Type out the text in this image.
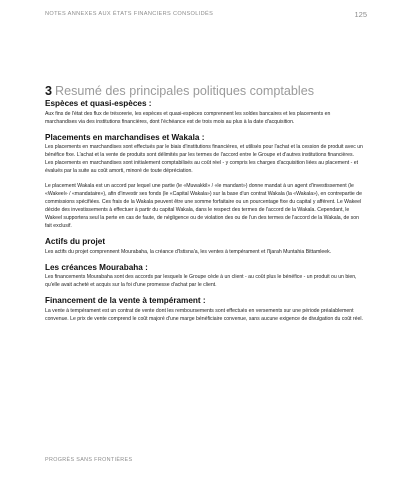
NOTES ANNEXES AUX ÉTATS FINANCIERS CONSOLIDÉS	125
3 Resumé des principales politiques comptables
Espèces et quasi-espèces :

Aux fins de l'état des flux de trésorerie, les espèces et quasi-espèces comprennent les soldes bancaires et les placements en marchandises via des institutions financières, dont l'échéance est de trois mois au plus à la date d'acquisition.

Placements en marchandises et Wakala :

Les placements en marchandises sont effectués par le biais d'institutions financières, et utilisés pour l'achat et la cession de produit avec un bénéfice fixe. L'achat et la vente de produits sont délimités par les termes de l'accord entre le Groupe et d'autres institutions financières. Les placements en marchandises sont initialement comptabilisés au coût réel - y compris les charges d'acquisition liées au placement - et évalués par la suite au coût amorti, minoré de toute dépréciation.

Le placement Wakala est un accord par lequel une partie (le «Muwakkil» / «le mandant») donne mandat à un agent d'investissement (le «Wakeel» / «mandataire»), afin d'investir ses fonds (le «Capital Wakala») sur la base d'un contrat Wakala (la «Wakala»), en contrepartie de commissions spécifiées. Ces frais de la Wakala peuvent être une somme forfaitaire ou un pourcentage fixe du capital y afférent. Le Wakeel décide des investissements à effectuer à partir du capital Wakala, dans le respect des termes de l'accord de la Wakala. Cependant, le Wakeel supportera seul la perte en cas de faute, de négligence ou de violation des ou de l'un des termes de l'accord de la Wakala, de son fait exclusif.

Actifs du projet

Les actifs du projet comprennent Mourabaha, la créance d'Istisna'a, les ventes à tempérament et l'Ijarah Muntahia Bittamleek.

Les créances Mourabaha :

Les financements Mourabaha sont des accords par lesquels le Groupe cède à un client - au coût plus le bénéfice - un produit ou un bien, qu'elle avait acheté et acquis sur la foi d'une promesse d'achat par le client.

Financement de la vente à tempérament :

La vente à tempérament est un contrat de vente dont les remboursements sont effectués en versements sur une période préalablement convenue. Le prix de vente comprend le coût majoré d'une marge bénéficiaire convenue, sans aucune exigence de divulgation du coût réel.

PROGRÈS SANS FRONTIÈRES
